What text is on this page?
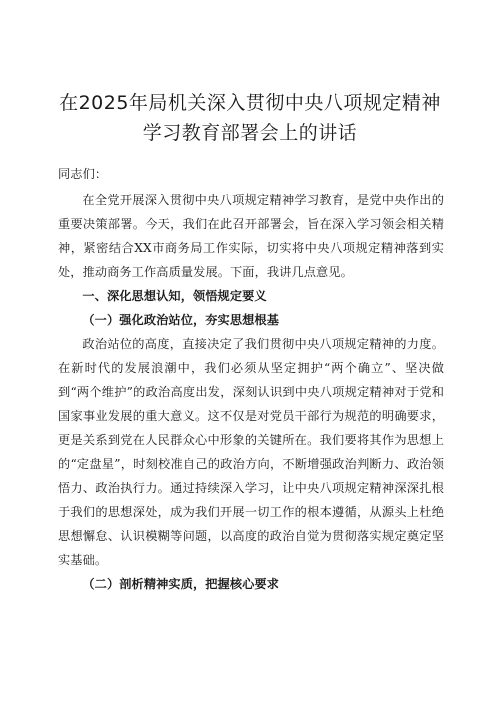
在2025年局机关深入贯彻中央八项规定精神
学习教育部署会上的讲话

同志们：

在全党开展深入贯彻中央八项规定精神学习教育，是党中央作出的重要决策部署。今天，我们在此召开部署会，旨在深入学习领会相关精神，紧密结合XX市商务局工作实际，切实将中央八项规定精神落到实处，推动商务工作高质量发展。下面，我讲几点意见。

一、深化思想认知，领悟规定要义

（一）强化政治站位，夯实思想根基

政治站位的高度，直接决定了我们贯彻中央八项规定精神的力度。在新时代的发展浪潮中，我们必须从坚定拥护“两个确立”、坚决做到“两个维护”的政治高度出发，深刻认识到中央八项规定精神对于党和国家事业发展的重大意义。这不仅是对党员干部行为规范的明确要求，更是关系到党在人民群众心中形象的关键所在。我们要将其作为思想上的“定盘星”，时刻校准自己的政治方向，不断增强政治判断力、政治领悟力、政治执行力。通过持续深入学习，让中央八项规定精神深深扎根于我们的思想深处，成为我们开展一切工作的根本遵循，从源头上杜绝思想懈怠、认识模糊等问题，以高度的政治自觉为贯彻落实规定奠定坚实基础。

（二）剖析精神实质，把握核心要求
